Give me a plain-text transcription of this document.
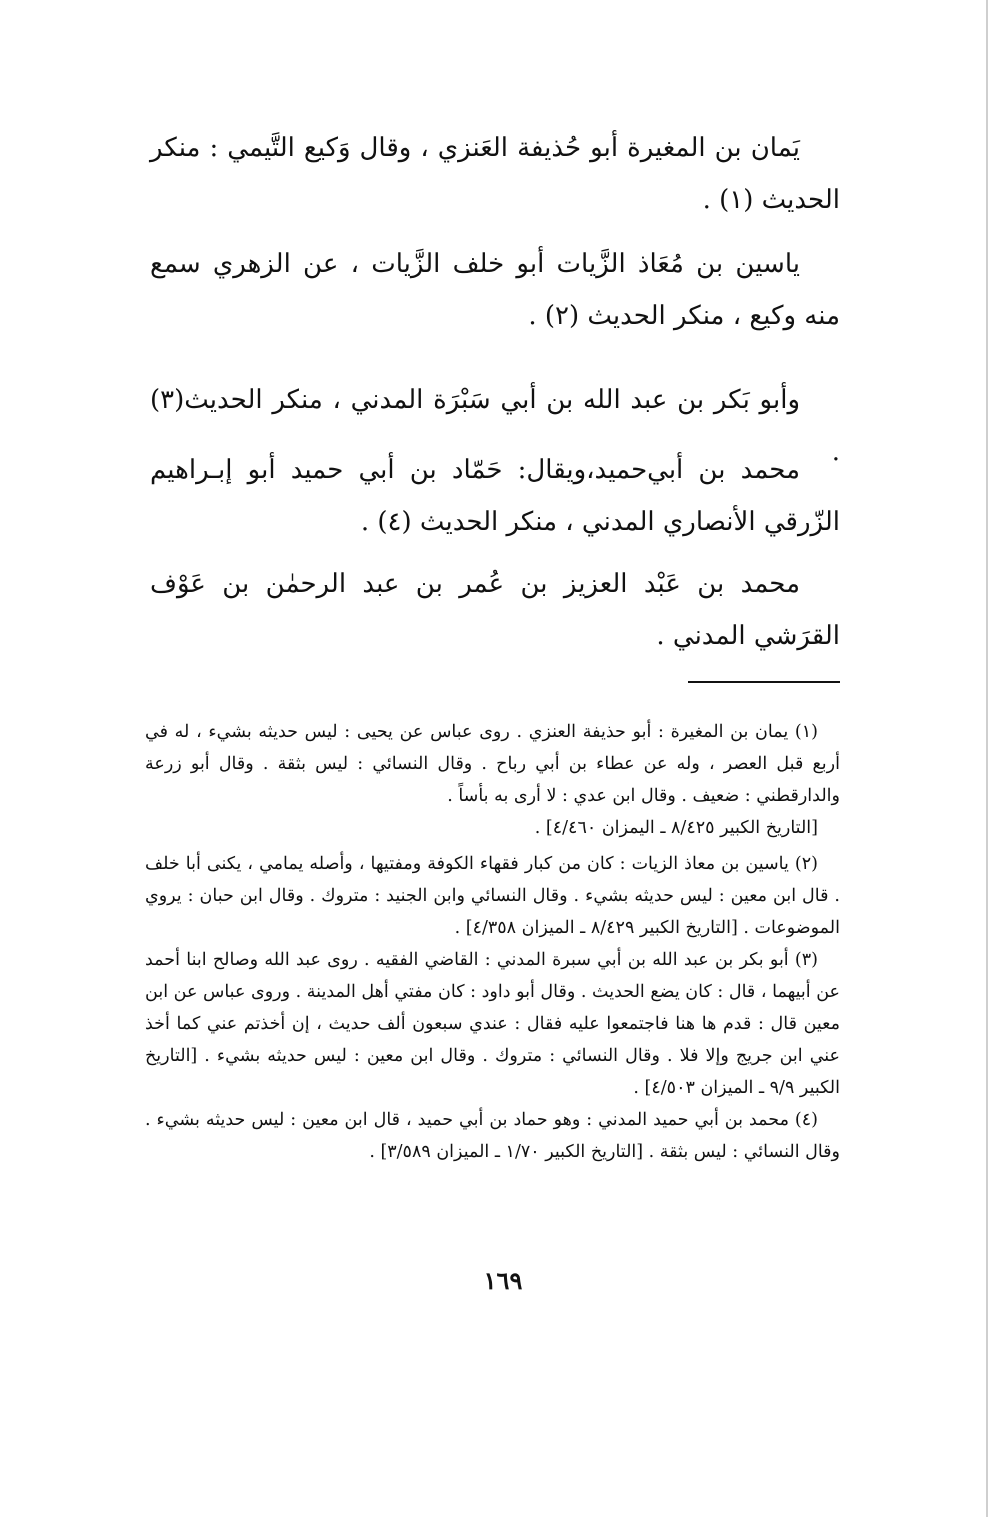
يَمان بن المغيرة أبو حُذيفة العَنزي ، وقال وَكيع التَّيمي : منكر الحديث (١) .

ياسين بن مُعَاذ الزَّيات أبو خلف الزَّيات ، عن الزهري سمع منه وكيع ، منكر الحديث (٢) .

وأبو بَكر بن عبد الله بن أبي سَبْرَة المدني ، منكر الحديث(٣) .

محمد بن أبي‌حميد،ويقال: حَمّاد بن أبي حميد أبو إبـراهيم الزّرقي الأنصاري المدني ، منكر الحديث (٤) .

محمد بن عَبْد العزيز بن عُمر بن عبد الرحمٰن بن عَوْف القرَشي المدني .

(١) يمان بن المغيرة : أبو حذيفة العنزي . روى عباس عن يحيى : ليس حديثه بشيء ، له في أربع قبل العصر ، وله عن عطاء بن أبي رباح . وقال النسائي : ليس بثقة . وقال أبو زرعة والدارقطني : ضعيف . وقال ابن عدي : لا أرى به بأساً .

[التاريخ الكبير ٨/٤٢٥ ـ اليمزان ٤/٤٦٠] .

(٢) ياسين بن معاذ الزيات : كان من كبار فقهاء الكوفة ومفتيها ، وأصله يمامي ، يكنى أبا خلف . قال ابن معين : ليس حديثه بشيء . وقال النسائي وابن الجنيد : متروك . وقال ابن حبان : يروي الموضوعات . [التاريخ الكبير ٨/٤٢٩ ـ الميزان ٤/٣٥٨] .

(٣) أبو بكر بن عبد الله بن أبي سبرة المدني : القاضي الفقيه . روى عبد الله وصالح ابنا أحمد عن أبيهما ، قال : كان يضع الحديث . وقال أبو داود : كان مفتي أهل المدينة . وروى عباس عن ابن معين قال : قدم ها هنا فاجتمعوا عليه فقال : عندي سبعون ألف حديث ، إن أخذتم عني كما أخذ عني ابن جريج وإلا فلا . وقال النسائي : متروك . وقال ابن معين : ليس حديثه بشيء . [التاريخ الكبير ٩/٩ ـ الميزان ٤/٥٠٣] .

(٤) محمد بن أبي حميد المدني : وهو حماد بن أبي حميد ، قال ابن معين : ليس حديثه بشيء . وقال النسائي : ليس بثقة . [التاريخ الكبير ١/٧٠ ـ الميزان ٣/٥٨٩] .

١٦٩
